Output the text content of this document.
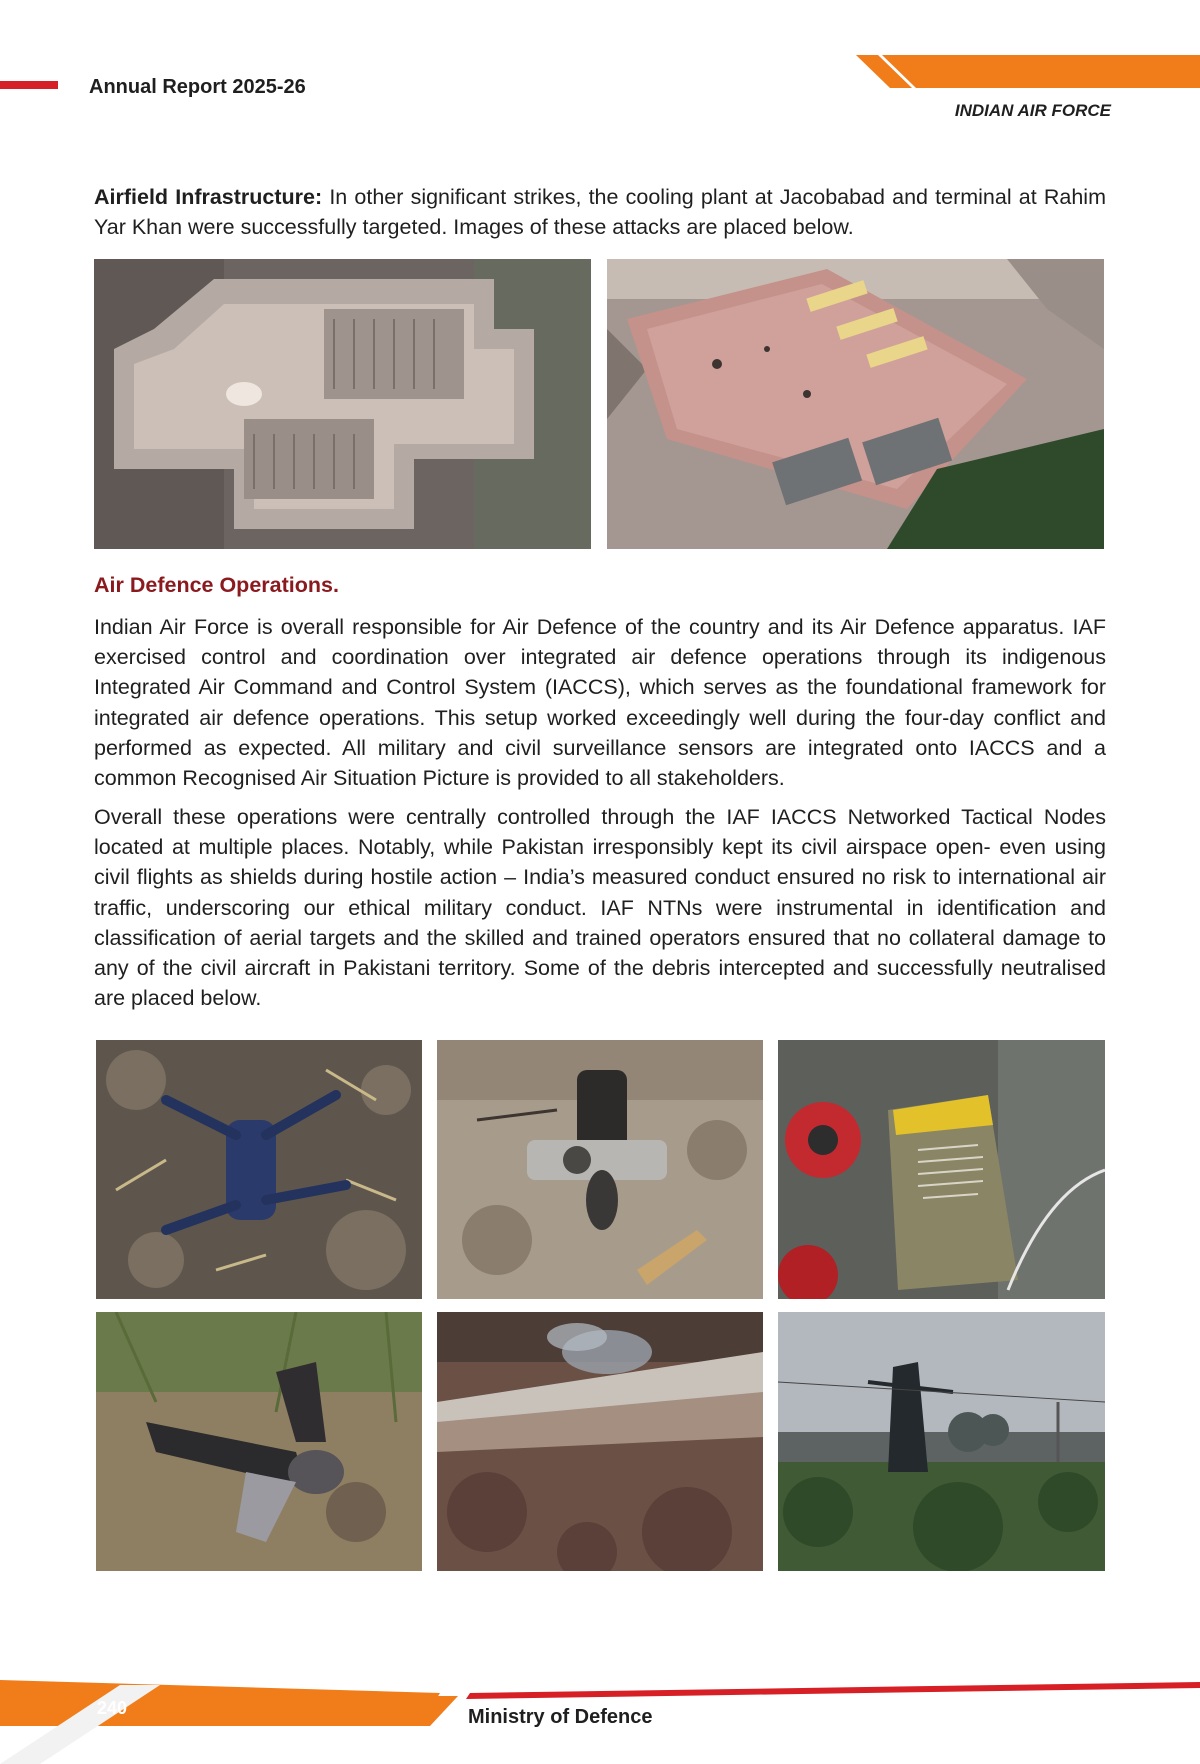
Annual Report 2025-26
INDIAN AIR FORCE
Airfield Infrastructure: In other significant strikes, the cooling plant at Jacobabad and terminal at Rahim Yar Khan were successfully targeted. Images of these attacks are placed below.
Air Defence Operations.
Indian Air Force is overall responsible for Air Defence of the country and its Air Defence apparatus. IAF exercised control and coordination over integrated air defence operations through its indigenous Integrated Air Command and Control System (IACCS), which serves as the foundational framework for integrated air defence operations. This setup worked exceedingly well during the four-day conflict and performed as expected. All military and civil surveillance sensors are integrated onto IACCS and a common Recognised Air Situation Picture is provided to all stakeholders.
Overall these operations were centrally controlled through the IAF IACCS Networked Tactical Nodes located at multiple places. Notably, while Pakistan irresponsibly kept its civil airspace open- even using civil flights as shields during hostile action – India’s measured conduct ensured no risk to international air traffic, underscoring our ethical military conduct. IAF NTNs were instrumental in identification and classification of aerial targets and the skilled and trained operators ensured that no collateral damage to any of the civil aircraft in Pakistani territory. Some of the debris intercepted and successfully neutralised are placed below.
240	Ministry of Defence
